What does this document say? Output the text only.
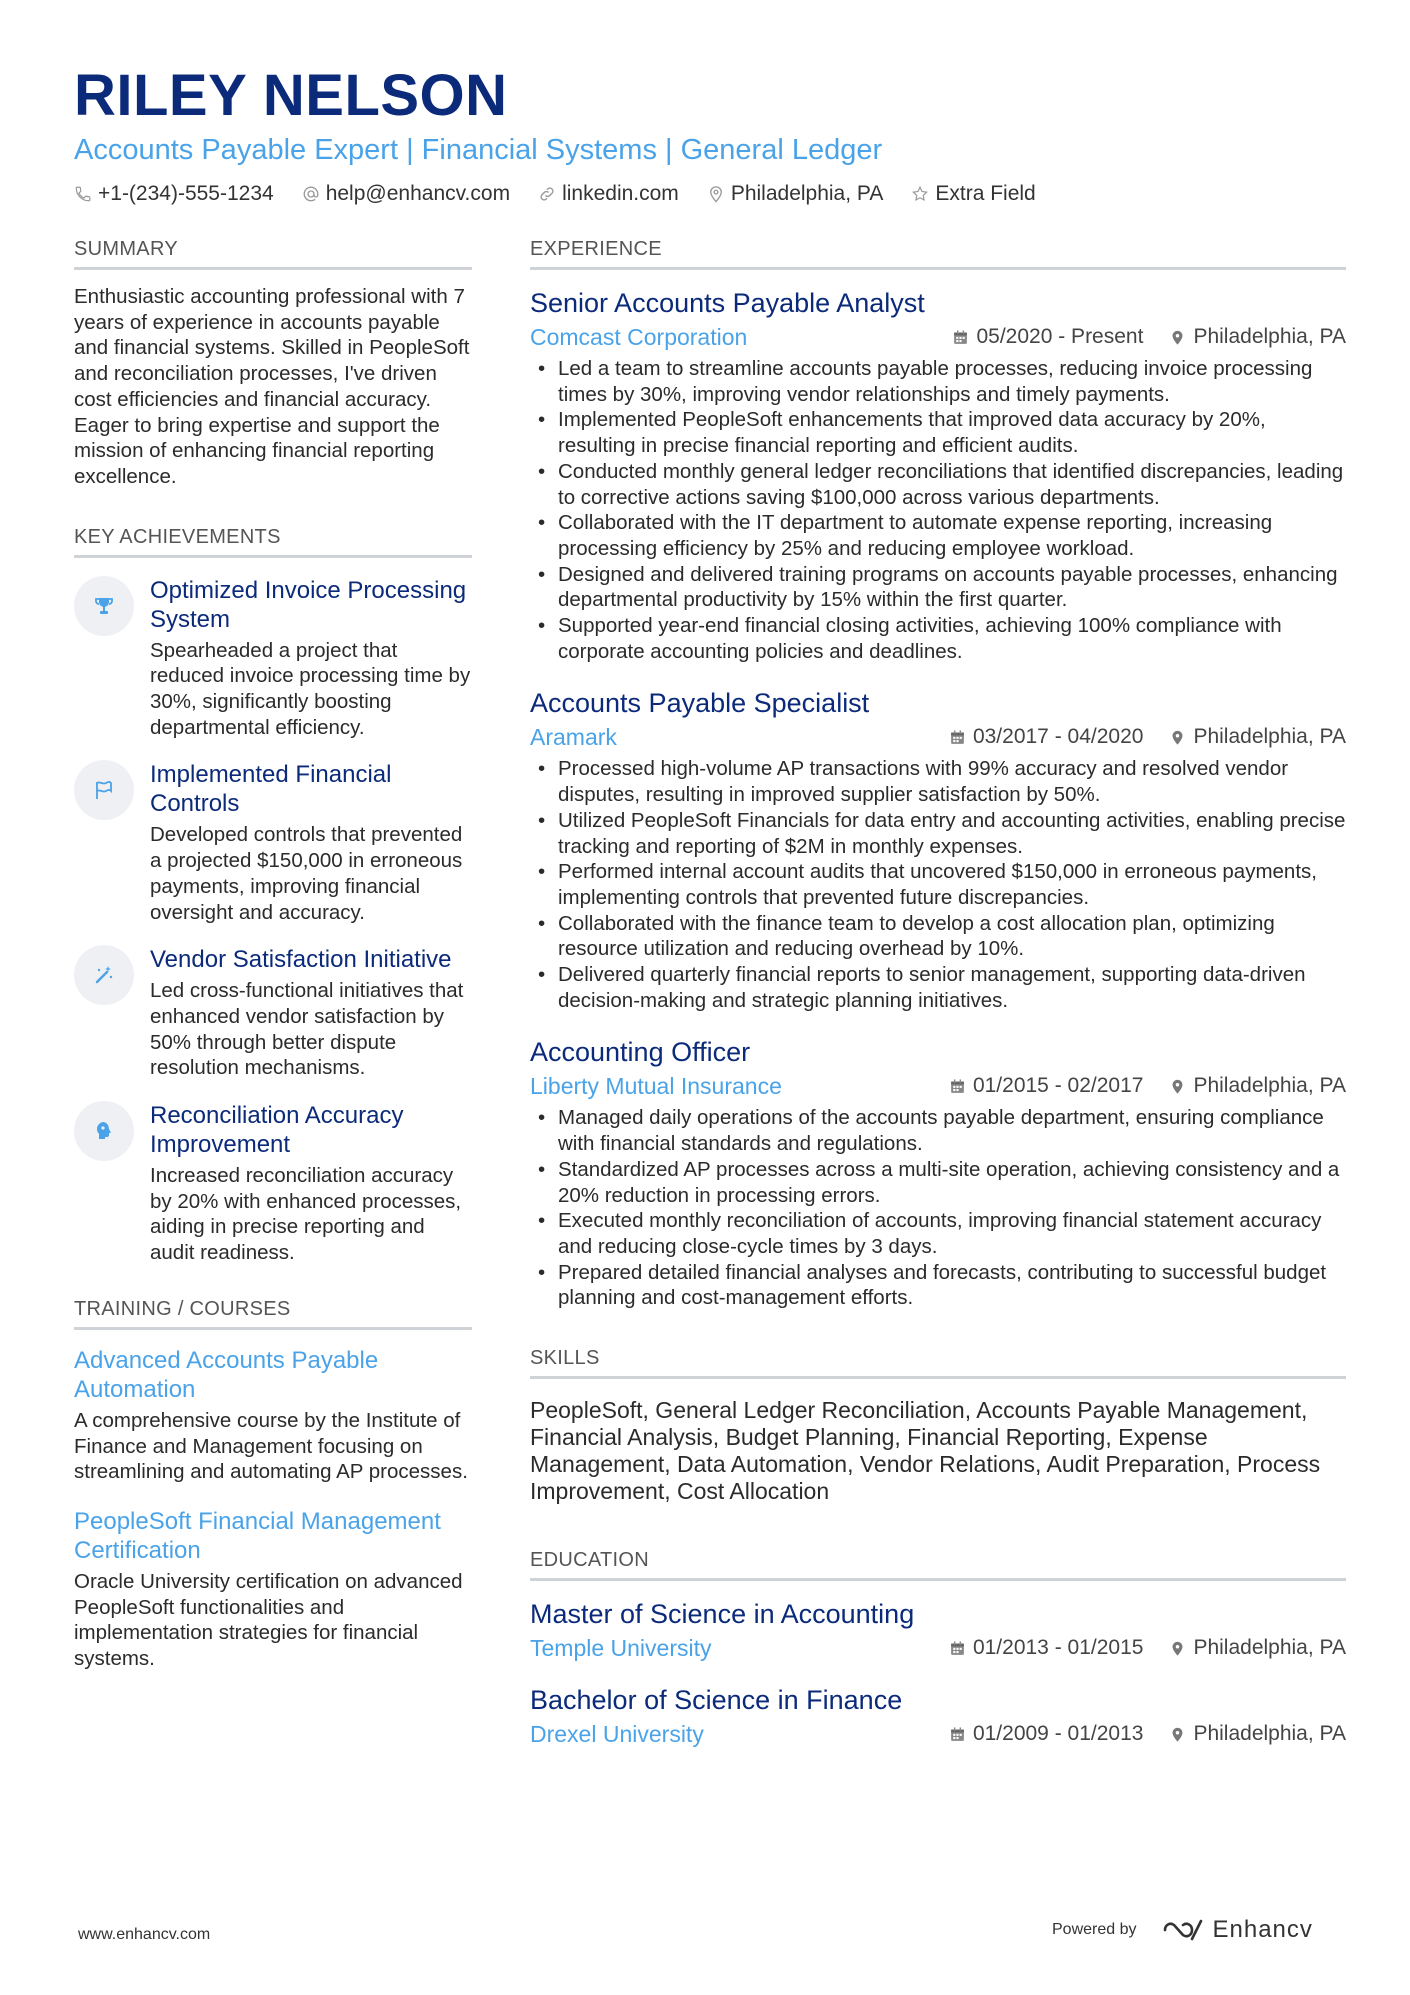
RILEY NELSON
Accounts Payable Expert | Financial Systems | General Ledger
+1-(234)-555-1234 help@enhancv.com linkedin.com Philadelphia, PA Extra Field
SUMMARY
Enthusiastic accounting professional with 7 years of experience in accounts payable and financial systems. Skilled in PeopleSoft and reconciliation processes, I've driven cost efficiencies and financial accuracy. Eager to bring expertise and support the mission of enhancing financial reporting excellence.
KEY ACHIEVEMENTS
Optimized Invoice Processing System
Spearheaded a project that reduced invoice processing time by 30%, significantly boosting departmental efficiency.
Implemented Financial Controls
Developed controls that prevented a projected $150,000 in erroneous payments, improving financial oversight and accuracy.
Vendor Satisfaction Initiative
Led cross-functional initiatives that enhanced vendor satisfaction by 50% through better dispute resolution mechanisms.
Reconciliation Accuracy Improvement
Increased reconciliation accuracy by 20% with enhanced processes, aiding in precise reporting and audit readiness.
TRAINING / COURSES
Advanced Accounts Payable Automation
A comprehensive course by the Institute of Finance and Management focusing on streamlining and automating AP processes.
PeopleSoft Financial Management Certification
Oracle University certification on advanced PeopleSoft functionalities and implementation strategies for financial systems.
EXPERIENCE
Senior Accounts Payable Analyst
Comcast Corporation	05/2020 - Present Philadelphia, PA
• Led a team to streamline accounts payable processes, reducing invoice processing times by 30%, improving vendor relationships and timely payments.
• Implemented PeopleSoft enhancements that improved data accuracy by 20%, resulting in precise financial reporting and efficient audits.
• Conducted monthly general ledger reconciliations that identified discrepancies, leading to corrective actions saving $100,000 across various departments.
• Collaborated with the IT department to automate expense reporting, increasing processing efficiency by 25% and reducing employee workload.
• Designed and delivered training programs on accounts payable processes, enhancing departmental productivity by 15% within the first quarter.
• Supported year-end financial closing activities, achieving 100% compliance with corporate accounting policies and deadlines.
Accounts Payable Specialist
Aramark	03/2017 - 04/2020 Philadelphia, PA
• Processed high-volume AP transactions with 99% accuracy and resolved vendor disputes, resulting in improved supplier satisfaction by 50%.
• Utilized PeopleSoft Financials for data entry and accounting activities, enabling precise tracking and reporting of $2M in monthly expenses.
• Performed internal account audits that uncovered $150,000 in erroneous payments, implementing controls that prevented future discrepancies.
• Collaborated with the finance team to develop a cost allocation plan, optimizing resource utilization and reducing overhead by 10%.
• Delivered quarterly financial reports to senior management, supporting data-driven decision-making and strategic planning initiatives.
Accounting Officer
Liberty Mutual Insurance	01/2015 - 02/2017 Philadelphia, PA
• Managed daily operations of the accounts payable department, ensuring compliance with financial standards and regulations.
• Standardized AP processes across a multi-site operation, achieving consistency and a 20% reduction in processing errors.
• Executed monthly reconciliation of accounts, improving financial statement accuracy and reducing close-cycle times by 3 days.
• Prepared detailed financial analyses and forecasts, contributing to successful budget planning and cost-management efforts.
SKILLS
PeopleSoft, General Ledger Reconciliation, Accounts Payable Management, Financial Analysis, Budget Planning, Financial Reporting, Expense Management, Data Automation, Vendor Relations, Audit Preparation, Process Improvement, Cost Allocation
EDUCATION
Master of Science in Accounting
Temple University	01/2013 - 01/2015 Philadelphia, PA
Bachelor of Science in Finance
Drexel University	01/2009 - 01/2013 Philadelphia, PA
www.enhancv.com	Powered by	Enhancv
